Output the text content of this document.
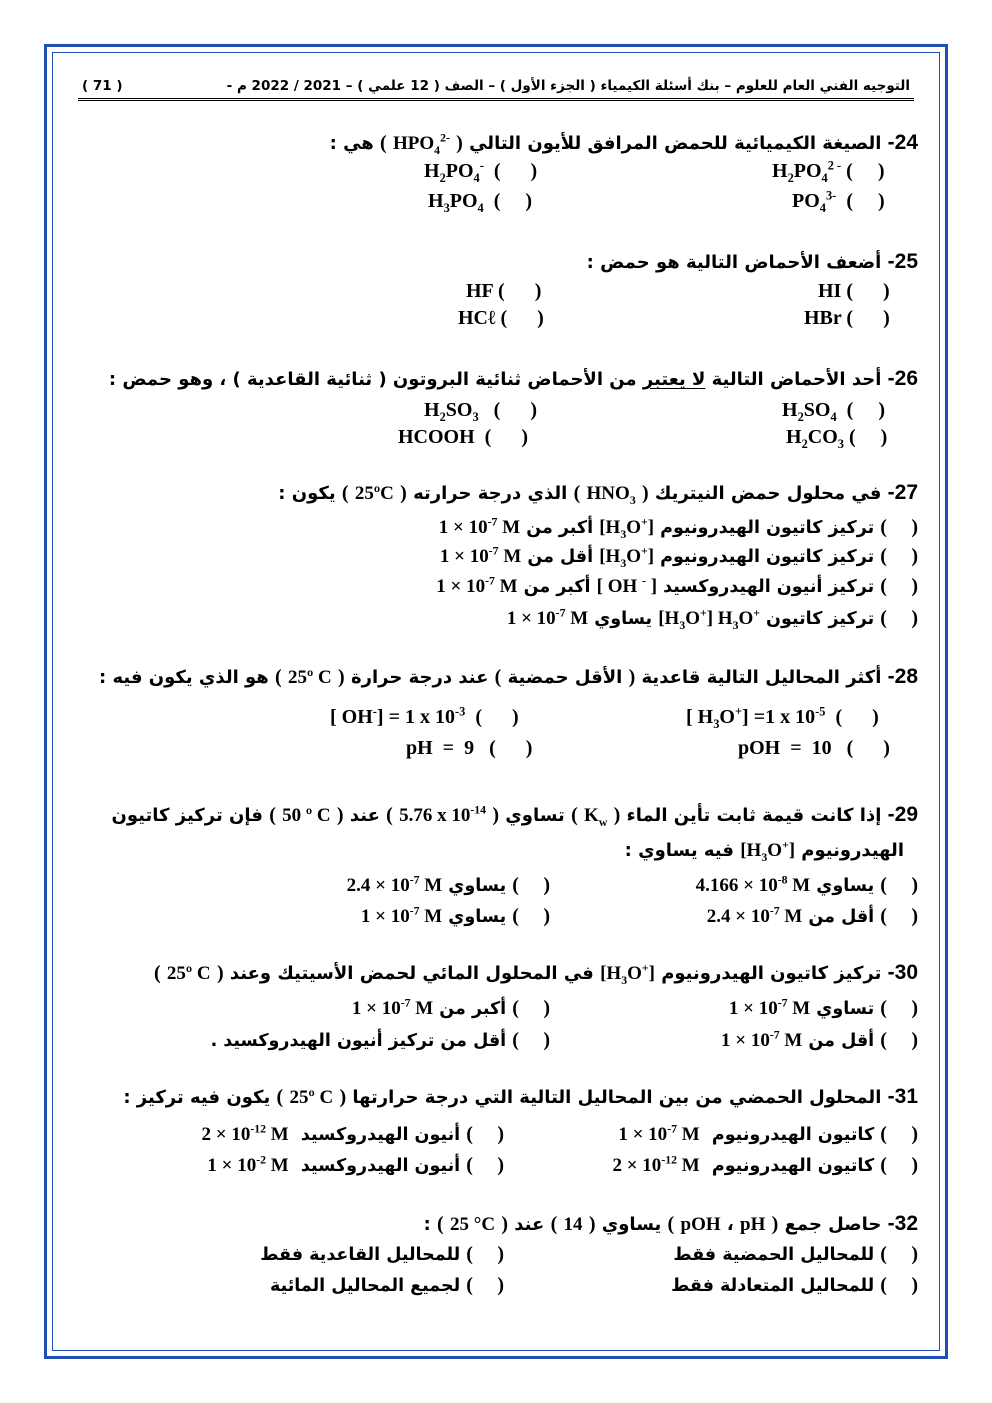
التوجيه الفني العام للعلوم – بنك أسئلة الكيمياء ( الجزء الأول ) – الصف ( 12 علمي ) – 2021 / 2022 م -
( 71 )
24- الصيغة الكيميائية للحمض المرافق للأيون التالي ( $HPO_4^{2-}$ ) هي :
$H_2PO_4^{2 -}$ (     )
$H_2PO_4^-$  (      )
$PO_4^{3-}$  (     )
$H_3PO_4$  (     )
25- أضعف الأحماض التالية هو حمض :
HI (      )
HF (      )
HBr (      )
HCℓ (      )
26- أحد الأحماض التالية لا يعتبر من الأحماض ثنائية البروتون ( ثنائية القاعدية ) ، وهو حمض :
$H_2SO_4$  (     )
$H_2SO_3$   (      )
$H_2CO_3$ (     )
HCOOH  (      )
27- في محلول حمض النيتريك ( $HNO_3$ ) الذي درجة حرارته ( 25ºC ) يكون :
(    ) تركيز كاتيون الهيدرونيوم $[H_3O^+]$ أكبر من $1 \times 10^{-7}$ M
(    ) تركيز كاتيون الهيدرونيوم $[H_3O^+]$ أقل من $1 \times 10^{-7}$ M
(    ) تركيز أنيون الهيدروكسيد [ OH - ] أكبر من $1 \times 10^{-7}$ M
(    ) تركيز كاتيون $[H_3O^+]$ $H_3O^+$ يساوي $1 \times 10^{-7}$ M
28- أكثر المحاليل التالية قاعدية ( الأقل حمضية ) عند درجة حرارة ( 25º C ) هو الذي يكون فيه :
[ $H_3O^+] =1$ x $10^{-5}$  (      )
[ OH-] = 1 x $10^{-3}$  (      )
pOH  =  10   (      )
pH  =  9   (      )
29- إذا كانت قيمة ثابت تأين الماء ( $K_w$ ) تساوي ( 5.76 x $10^{-14}$ ) عند ( 50 º C ) فإن تركيز كاتيون
الهيدرونيوم $[H_3O^+]$ فيه يساوي :
(    ) يساوي $4.166 \times 10^{-8}$ M
(    ) يساوي $2.4 \times 10^{-7}$ M
(    ) أقل من $2.4 \times 10^{-7}$ M
(    ) يساوي $1 \times 10^{-7}$ M
30- تركيز كاتيون الهيدرونيوم $[H_3O^+]$ في المحلول المائي لحمض الأسيتيك وعند ( 25º C )
(    ) تساوي $1 \times 10^{-7}$ M
(    ) أكبر من $1 \times 10^{-7}$ M
(    ) أقل من $1 \times 10^{-7}$ M
(    ) أقل من تركيز أنيون الهيدروكسيد .
31- المحلول الحمضي من بين المحاليل التالية التي درجة حرارتها ( 25º C ) يكون فيه تركيز :
(    ) كاتيون الهيدرونيوم  $1 \times 10^{-7}$ M
(    ) أنيون الهيدروكسيد  $2 \times 10^{-12}$ M
(    ) كاتيون الهيدرونيوم  $2 \times 10^{-12}$ M
(    ) أنيون الهيدروكسيد  $1 \times 10^{-2}$ M
32- حاصل جمع ( pH ، pOH ) يساوي ( 14 ) عند ( 25 °C ) :
(    ) للمحاليل الحمضية فقط
(    ) للمحاليل القاعدية فقط
(    ) للمحاليل المتعادلة فقط
(    ) لجميع المحاليل المائية
